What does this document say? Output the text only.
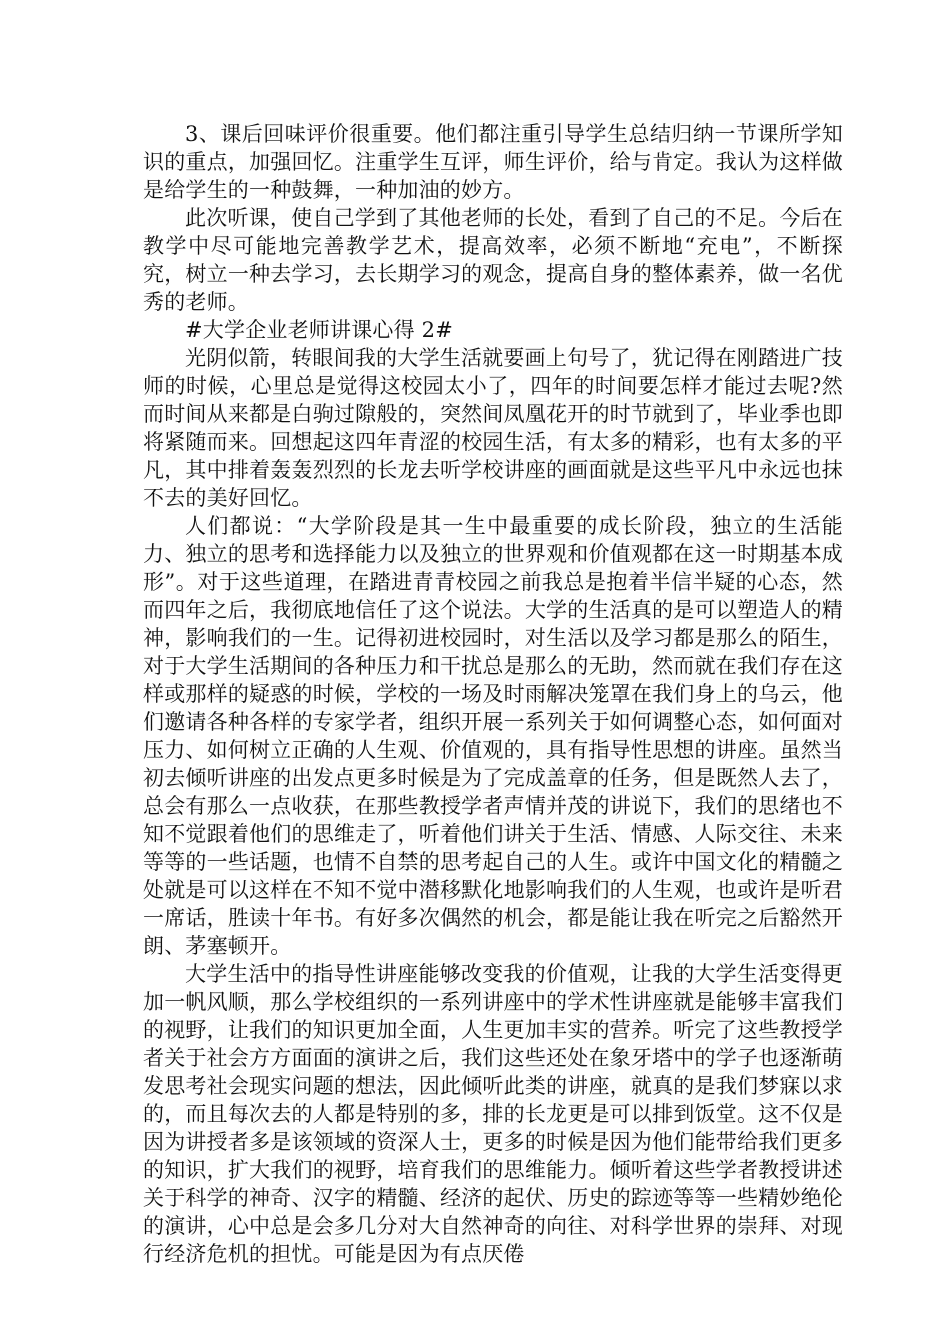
3、课后回味评价很重要。他们都注重引导学生总结归纳一节课所学知识的重点，加强回忆。注重学生互评，师生评价，给与肯定。我认为这样做是给学生的一种鼓舞，一种加油的妙方。

此次听课，使自己学到了其他老师的长处，看到了自己的不足。今后在教学中尽可能地完善教学艺术，提高效率，必须不断地“充电”，不断探究，树立一种去学习，去长期学习的观念，提高自身的整体素养，做一名优秀的老师。

#大学企业老师讲课心得 2#

光阴似箭，转眼间我的大学生活就要画上句号了，犹记得在刚踏进广技师的时候，心里总是觉得这校园太小了，四年的时间要怎样才能过去呢?然而时间从来都是白驹过隙般的，突然间凤凰花开的时节就到了，毕业季也即将紧随而来。回想起这四年青涩的校园生活，有太多的精彩，也有太多的平凡，其中排着轰轰烈烈的长龙去听学校讲座的画面就是这些平凡中永远也抹不去的美好回忆。

人们都说：“大学阶段是其一生中最重要的成长阶段，独立的生活能力、独立的思考和选择能力以及独立的世界观和价值观都在这一时期基本成形”。对于这些道理，在踏进青青校园之前我总是抱着半信半疑的心态，然而四年之后，我彻底地信任了这个说法。大学的生活真的是可以塑造人的精神，影响我们的一生。记得初进校园时，对生活以及学习都是那么的陌生，对于大学生活期间的各种压力和干扰总是那么的无助，然而就在我们存在这样或那样的疑惑的时候，学校的一场及时雨解决笼罩在我们身上的乌云，他们邀请各种各样的专家学者，组织开展一系列关于如何调整心态，如何面对压力、如何树立正确的人生观、价值观的，具有指导性思想的讲座。虽然当初去倾听讲座的出发点更多时候是为了完成盖章的任务，但是既然人去了，总会有那么一点收获，在那些教授学者声情并茂的讲说下，我们的思绪也不知不觉跟着他们的思维走了，听着他们讲关于生活、情感、人际交往、未来等等的一些话题，也情不自禁的思考起自己的人生。或许中国文化的精髓之处就是可以这样在不知不觉中潜移默化地影响我们的人生观，也或许是听君一席话，胜读十年书。有好多次偶然的机会，都是能让我在听完之后豁然开朗、茅塞顿开。

大学生活中的指导性讲座能够改变我的价值观，让我的大学生活变得更加一帆风顺，那么学校组织的一系列讲座中的学术性讲座就是能够丰富我们的视野，让我们的知识更加全面，人生更加丰实的营养。听完了这些教授学者关于社会方方面面的演讲之后，我们这些还处在象牙塔中的学子也逐渐萌发思考社会现实问题的想法，因此倾听此类的讲座，就真的是我们梦寐以求的，而且每次去的人都是特别的多，排的长龙更是可以排到饭堂。这不仅是因为讲授者多是该领域的资深人士，更多的时候是因为他们能带给我们更多的知识，扩大我们的视野，培育我们的思维能力。倾听着这些学者教授讲述关于科学的神奇、汉字的精髓、经济的起伏、历史的踪迹等等一些精妙绝伦的演讲，心中总是会多几分对大自然神奇的向往、对科学世界的崇拜、对现行经济危机的担忧。可能是因为有点厌倦
